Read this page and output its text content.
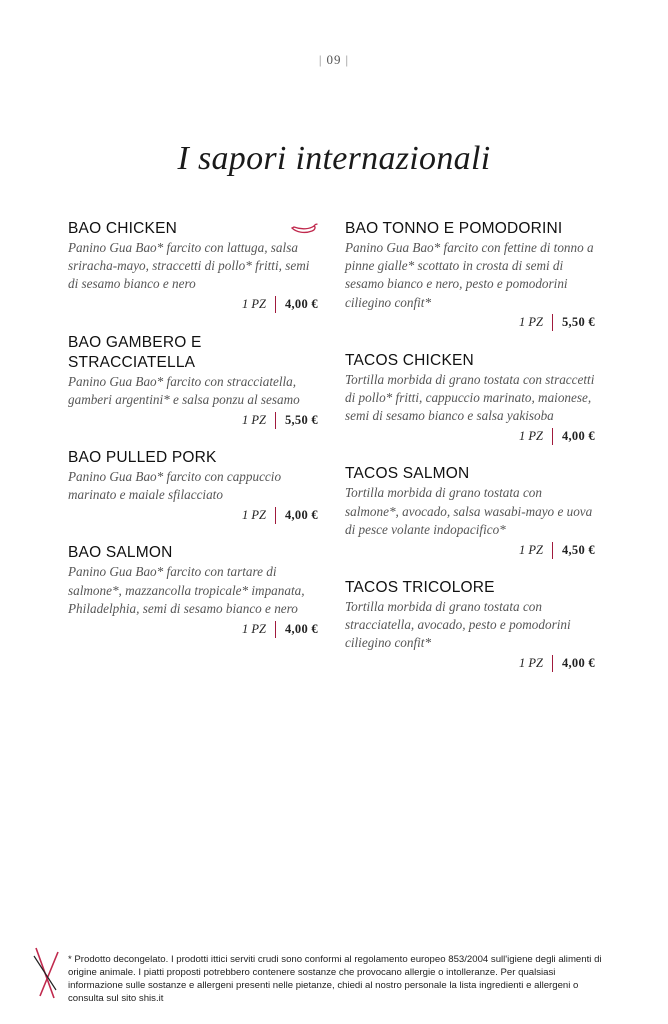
| 09 |
I sapori internazionali
BAO CHICKEN
Panino Gua Bao* farcito con lattuga, salsa sriracha-mayo, straccetti di pollo* fritti, semi di sesamo bianco e nero
1 PZ 4,00 €
BAO GAMBERO E STRACCIATELLA
Panino Gua Bao* farcito con stracciatella, gamberi argentini* e salsa ponzu al sesamo
1 PZ 5,50 €
BAO PULLED PORK
Panino Gua Bao* farcito con cappuccio marinato e maiale sfilacciato
1 PZ 4,00 €
BAO SALMON
Panino Gua Bao* farcito con tartare di salmone*, mazzancolla tropicale* impanata, Philadelphia, semi di sesamo bianco e nero
1 PZ 4,00 €
BAO TONNO E POMODORINI
Panino Gua Bao* farcito con fettine di tonno a pinne gialle* scottato in crosta di semi di sesamo bianco e nero, pesto e pomodorini ciliegino confit*
1 PZ 5,50 €
TACOS CHICKEN
Tortilla morbida di grano tostata con straccetti di pollo* fritti, cappuccio marinato, maionese, semi di sesamo bianco e salsa yakisoba
1 PZ 4,00 €
TACOS SALMON
Tortilla morbida di grano tostata con salmone*, avocado, salsa wasabi-mayo e uova di pesce volante indopacifico*
1 PZ 4,50 €
TACOS TRICOLORE
Tortilla morbida di grano tostata con stracciatella, avocado, pesto e pomodorini ciliegino confit*
1 PZ 4,00 €
* Prodotto decongelato. I prodotti ittici serviti crudi sono conformi al regolamento europeo 853/2004 sull'igiene degli alimenti di origine animale. I piatti proposti potrebbero contenere sostanze che provocano allergie o intolleranze. Per qualsiasi informazione sulle sostanze e allergeni presenti nelle pietanze, chiedi al nostro personale la lista ingredienti e allergeni o consulta sul sito shis.it
